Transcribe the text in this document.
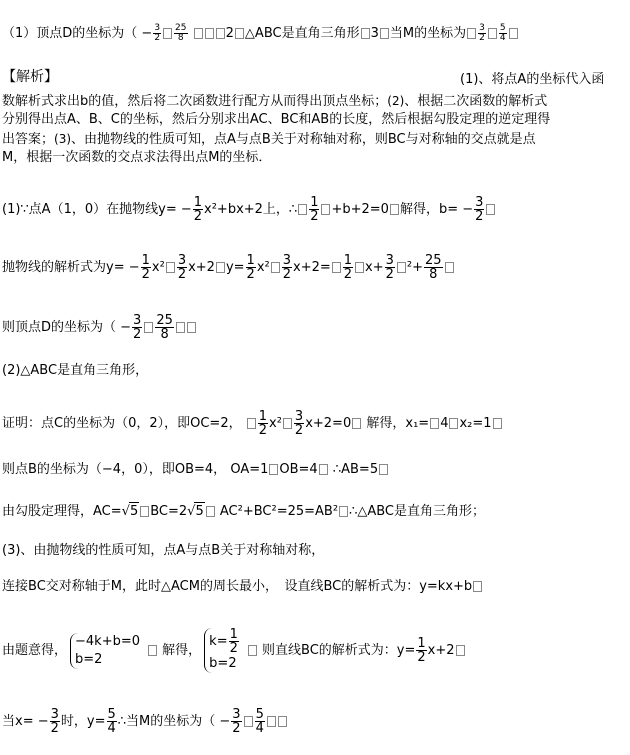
（1）顶点D的坐标为（ − $\frac{3}{2} \frac{25}{8}$	2 △ABC是直角三角形 3 当M的坐标为 $\frac{3}{2} \frac{5}{4}$
【解析】	(1)、将点A的坐标代入函
数解析式求出b的值，然后将二次函数进行配方从而得出顶点坐标；(2)、根据二次函数的解析式
分别得出点A、B、C的坐标，然后分别求出AC、BC和AB的长度，然后根据勾股定理的逆定理得
出答案；(3)、由抛物线的性质可知，点A与点B关于对称轴对称，则BC与对称轴的交点就是点
M，根据一次函数的交点求法得出点M的坐标．
(1)∵点A（1，0）在抛物线$y= - \frac{1}{2} x^2+bx+2$上，∴ $\frac{1}{2} +b+2=0$ 解得，$b= - \frac{3}{2}$
抛物线的解析式为$y= - \frac{1}{2} x^2 \frac{3}{2} x+2$ $y= \frac{1}{2} x^2 \frac{3}{2} x+2= \frac{1}{2} x+ \frac{3}{2} ^2+ \frac{25}{8}$
则顶点D的坐标为（ − $\frac{3}{2} \frac{25}{8}$
(2)△ABC是直角三角形，
证明：点C的坐标为（0，2），即OC=2， $\frac{1}{2} x^2 \frac{3}{2} x+2=0$ 解得，x₁= 4 x₂=1
则点B的坐标为（−4，0），即OB=4， OA=1 OB=4 ∴AB=5
由勾股定理得，AC=√5 BC=2√5 AC²+BC²=25=AB² ∴△ABC是直角三角形；
(3)、由抛物线的性质可知，点A与点B关于对称轴对称，
连接BC交对称轴于M，此时△ACM的周长最小，　设直线BC的解析式为：y=kx+b
由题意得，
−4k+b=0
b=2
解得，
$k= \frac{1}{2}$
b=2
则直线BC的解析式为：$y= \frac{1}{2} x+2$
当$x= - \frac{3}{2}$ 时，$y= \frac{5}{4}$ ∴当M的坐标为（ − $\frac{3}{2} \frac{5}{4}$
